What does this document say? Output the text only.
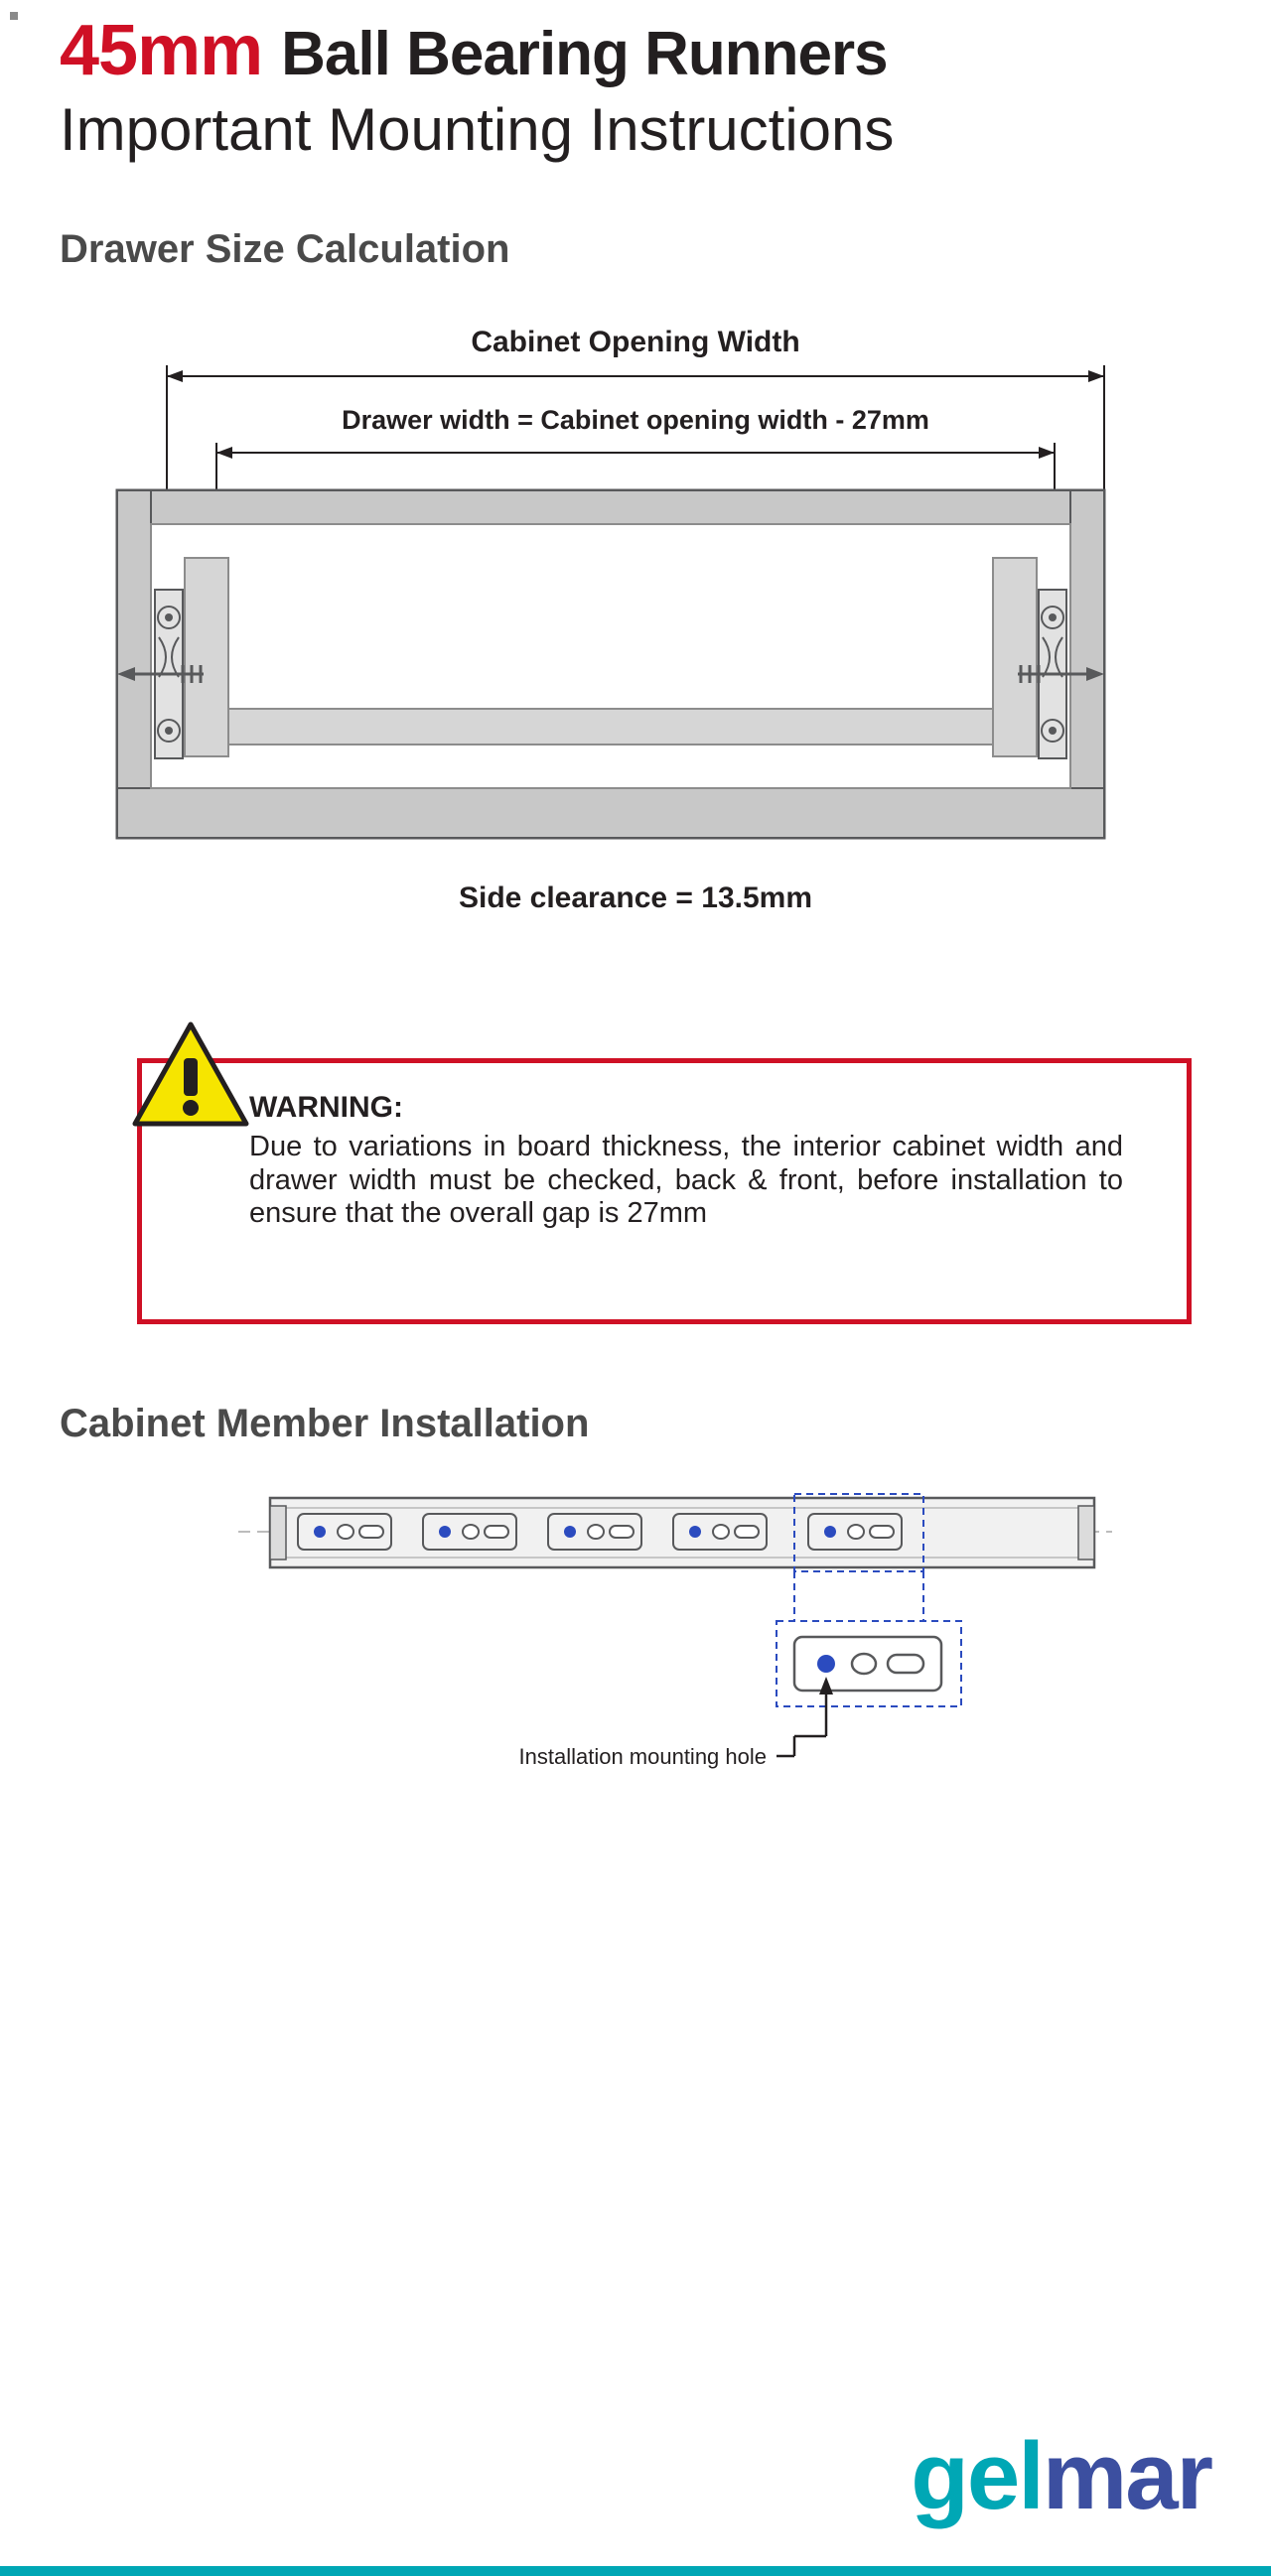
45mm Ball Bearing Runners
Important Mounting Instructions
Drawer Size Calculation
Cabinet Opening Width
Drawer width = Cabinet opening width - 27mm
Side clearance = 13.5mm
WARNING:
Due to variations in board thickness, the interior cabinet width and drawer width must be checked, back & front, before installation to ensure that the overall gap is 27mm
Cabinet Member Installation
Installation mounting hole
gelmar
